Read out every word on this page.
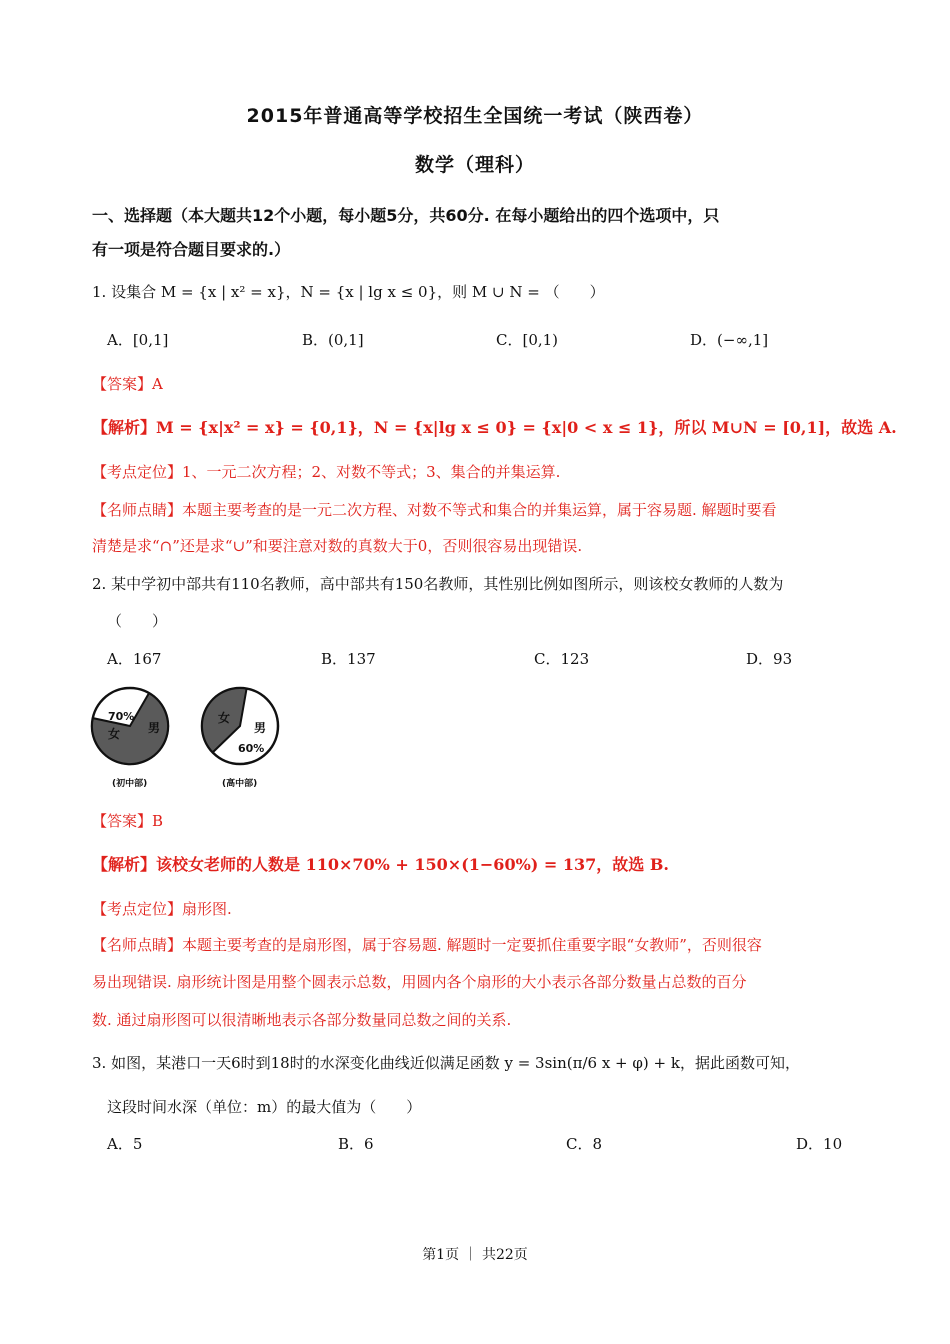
2015年普通高等学校招生全国统一考试（陕西卷）
数学（理科）
一、选择题（本大题共12个小题，每小题5分，共60分. 在每小题给出的四个选项中，只
有一项是符合题目要求的.）
1. 设集合 M = {x | x² = x}，N = {x | lg x ≤ 0}，则 M ∪ N = （　　）
A．[0,1]	B．(0,1]	C．[0,1)	D．(−∞,1]
【答案】A
【解析】M = {x|x² = x} = {0,1}，N = {x|lg x ≤ 0} = {x|0 < x ≤ 1}，所以 M∪N = [0,1]，故选 A.
【考点定位】1、一元二次方程；2、对数不等式；3、集合的并集运算.
【名师点睛】本题主要考查的是一元二次方程、对数不等式和集合的并集运算，属于容易题. 解题时要看
清楚是求“∩”还是求“∪”和要注意对数的真数大于0，否则很容易出现错误.
2. 某中学初中部共有110名教师，高中部共有150名教师，其性别比例如图所示，则该校女教师的人数为
（　　）
A．167	B．137	C．123	D．93
70%
女 男
(初中部)
女
男
60%
(高中部)
【答案】B
【解析】该校女老师的人数是 110×70% + 150×(1−60%) = 137，故选 B.
【考点定位】扇形图.
【名师点睛】本题主要考查的是扇形图，属于容易题. 解题时一定要抓住重要字眼“女教师”，否则很容
易出现错误. 扇形统计图是用整个圆表示总数，用圆内各个扇形的大小表示各部分数量占总数的百分
数. 通过扇形图可以很清晰地表示各部分数量同总数之间的关系.
3. 如图，某港口一天6时到18时的水深变化曲线近似满足函数 y = 3sin(π/6 x + φ) + k，据此函数可知，
这段时间水深（单位：m）的最大值为（　　）
A．5	B．6	C．8	D．10
第1页 ｜ 共22页
